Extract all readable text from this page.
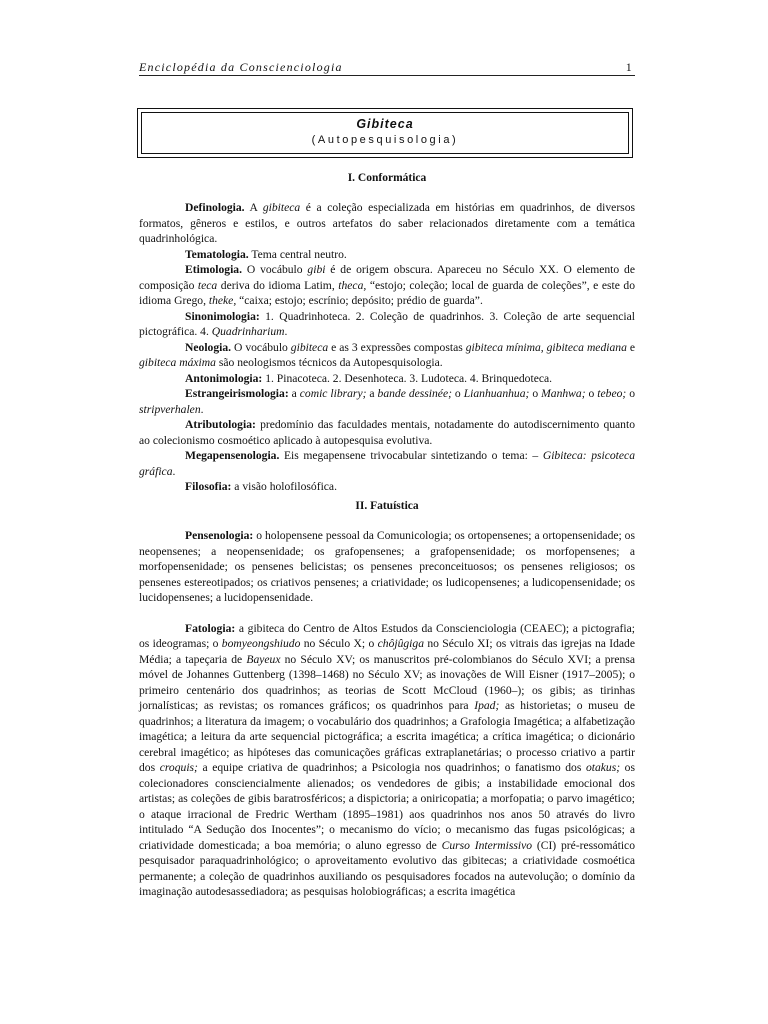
Enciclopédia da Conscienciologia	1
Gibiteca
(Autopesquisologia)
I. Conformática

Definologia. A gibiteca é a coleção especializada em histórias em quadrinhos, de diversos formatos, gêneros e estilos, e outros artefatos do saber relacionados diretamente com a temática quadrinhológica.

Tematologia. Tema central neutro.

Etimologia. O vocábulo gibi é de origem obscura. Apareceu no Século XX. O elemento de composição teca deriva do idioma Latim, theca, “estojo; coleção; local de guarda de coleções”, e este do idioma Grego, theke, “caixa; estojo; escrínio; depósito; prédio de guarda”.

Sinonimologia: 1. Quadrinhoteca. 2. Coleção de quadrinhos. 3. Coleção de arte sequencial pictográfica. 4. Quadrinharium.

Neologia. O vocábulo gibiteca e as 3 expressões compostas gibiteca mínima, gibiteca mediana e gibiteca máxima são neologismos técnicos da Autopesquisologia.

Antonimologia: 1. Pinacoteca. 2. Desenhoteca. 3. Ludoteca. 4. Brinquedoteca.

Estrangeirismologia: a comic library; a bande dessinée; o Lianhuanhua; o Manhwa; o tebeo; o stripverhalen.

Atributologia: predomínio das faculdades mentais, notadamente do autodiscernimento quanto ao colecionismo cosmoético aplicado à autopesquisa evolutiva.

Megapensenologia. Eis megapensene trivocabular sintetizando o tema: – Gibiteca: psicoteca gráfica.

Filosofia: a visão holofilosófica.

II. Fatuística

Pensenologia: o holopensene pessoal da Comunicologia; os ortopensenes; a ortopensenidade; os neopensenes; a neopensenidade; os grafopensenes; a grafopensenidade; os morfopensenes; a morfopensenidade; os pensenes belicistas; os pensenes preconceituosos; os pensenes religiosos; os pensenes estereotipados; os criativos pensenes; a criatividade; os ludicopensenes; a ludicopensenidade; os lucidopensenes; a lucidopensenidade.

Fatologia: a gibiteca do Centro de Altos Estudos da Conscienciologia (CEAEC); a pictografia; os ideogramas; o bomyeongshiudo no Século X; o chôjûgiga no Século XI; os vitrais das igrejas na Idade Média; a tapeçaria de Bayeux no Século XV; os manuscritos pré-colombianos do Século XVI; a prensa móvel de Johannes Guttenberg (1398–1468) no Século XV; as inovações de Will Eisner (1917–2005); o primeiro centenário dos quadrinhos; as teorias de Scott McCloud (1960–); os gibis; as tirinhas jornalísticas; as revistas; os romances gráficos; os quadrinhos para Ipad; as historietas; o museu de quadrinhos; a literatura da imagem; o vocabulário dos quadrinhos; a Grafologia Imagética; a alfabetização imagética; a leitura da arte sequencial pictográfica; a escrita imagética; a crítica imagética; o dicionário cerebral imagético; as hipóteses das comunicações gráficas extraplanetárias; o processo criativo a partir dos croquis; a equipe criativa de quadrinhos; a Psicologia nos quadrinhos; o fanatismo dos otakus; os colecionadores consciencialmente alienados; os vendedores de gibis; a instabilidade emocional dos artistas; as coleções de gibis baratrosféricos; a dispictoria; a oniricopatia; a morfopatia; o parvo imagético; o ataque irracional de Fredric Wertham (1895–1981) aos quadrinhos nos anos 50 através do livro intitulado “A Sedução dos Inocentes”; o mecanismo do vício; o mecanismo das fugas psicológicas; a criatividade domesticada; a boa memória; o aluno egresso de Curso Intermissivo (CI) pré-ressomático pesquisador paraquadrinhológico; o aproveitamento evolutivo das gibitecas; a criatividade cosmoética permanente; a coleção de quadrinhos auxiliando os pesquisadores focados na autevolução; o domínio da imaginação autodesassediadora; as pesquisas holobiográficas; a escrita imagética
